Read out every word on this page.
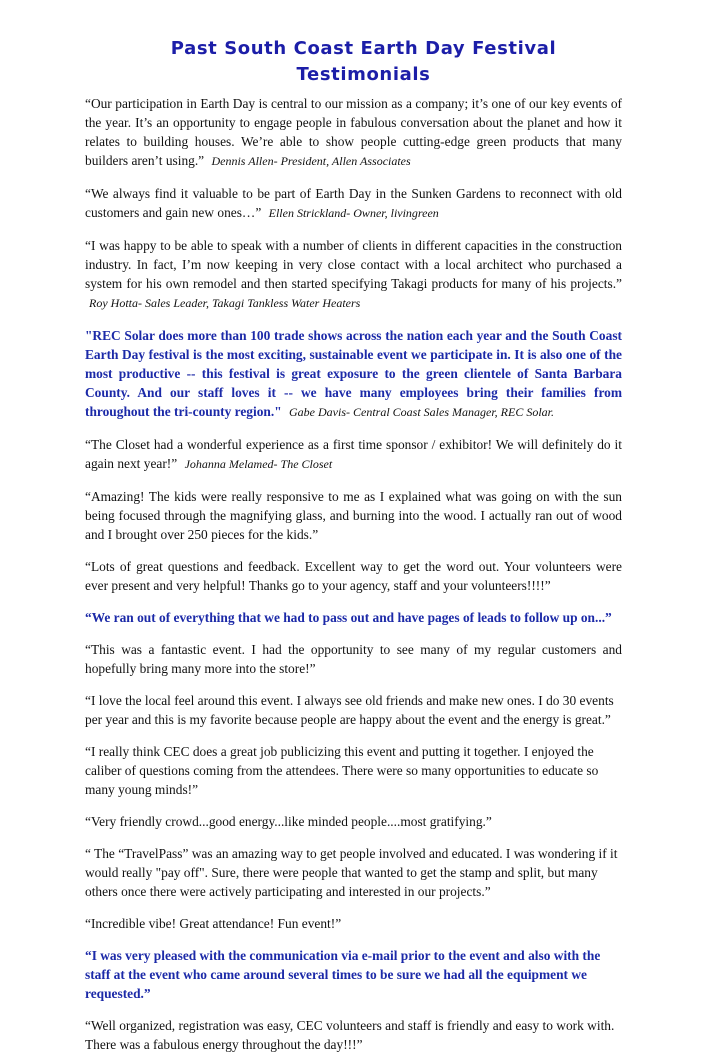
Past South Coast Earth Day Festival Testimonials

“Our participation in Earth Day is central to our mission as a company; it’s one of our key events of the year. It’s an opportunity to engage people in fabulous conversation about the planet and how it relates to building houses. We’re able to show people cutting-edge green products that many builders aren’t using.” Dennis Allen- President, Allen Associates

“We always find it valuable to be part of Earth Day in the Sunken Gardens to reconnect with old customers and gain new ones…” Ellen Strickland- Owner, livingreen

“I was happy to be able to speak with a number of clients in different capacities in the construction industry. In fact, I’m now keeping in very close contact with a local architect who purchased a system for his own remodel and then started specifying Takagi products for many of his projects.” Roy Hotta- Sales Leader, Takagi Tankless Water Heaters

"REC Solar does more than 100 trade shows across the nation each year and the South Coast Earth Day festival is the most exciting, sustainable event we participate in. It is also one of the most productive -- this festival is great exposure to the green clientele of Santa Barbara County. And our staff loves it -- we have many employees bring their families from throughout the tri-county region." Gabe Davis- Central Coast Sales Manager, REC Solar.

“The Closet had a wonderful experience as a first time sponsor / exhibitor! We will definitely do it again next year!” Johanna Melamed- The Closet

“Amazing! The kids were really responsive to me as I explained what was going on with the sun being focused through the magnifying glass, and burning into the wood. I actually ran out of wood and I brought over 250 pieces for the kids.”

“Lots of great questions and feedback. Excellent way to get the word out. Your volunteers were ever present and very helpful! Thanks go to your agency, staff and your volunteers!!!!”

“We ran out of everything that we had to pass out and have pages of leads to follow up on...”

“This was a fantastic event. I had the opportunity to see many of my regular customers and hopefully bring many more into the store!”

“I love the local feel around this event. I always see old friends and make new ones. I do 30 events per year and this is my favorite because people are happy about the event and the energy is great.”

“I really think CEC does a great job publicizing this event and putting it together. I enjoyed the caliber of questions coming from the attendees. There were so many opportunities to educate so many young minds!”

“Very friendly crowd...good energy...like minded people....most gratifying.”

“ The “TravelPass” was an amazing way to get people involved and educated. I was wondering if it would really "pay off". Sure, there were people that wanted to get the stamp and split, but many others once there were actively participating and interested in our projects.”

“Incredible vibe! Great attendance! Fun event!”

“I was very pleased with the communication via e-mail prior to the event and also with the staff at the event who came around several times to be sure we had all the equipment we requested.”

“Well organized, registration was easy, CEC volunteers and staff is friendly and easy to work with. There was a fabulous energy throughout the day!!!”
